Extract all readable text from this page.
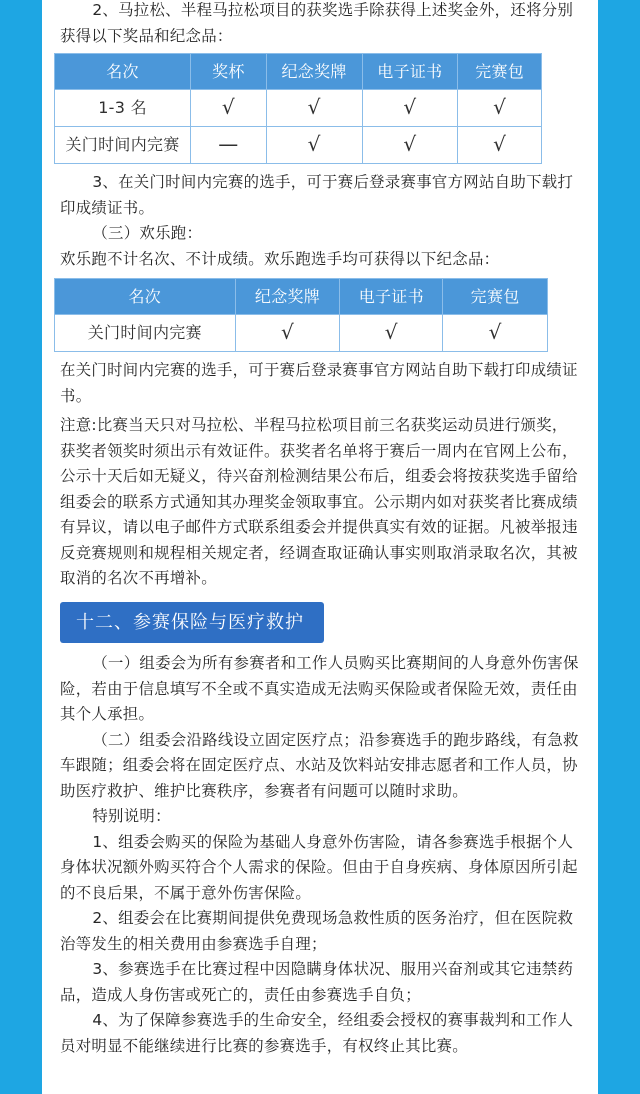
2、马拉松、半程马拉松项目的获奖选手除获得上述奖金外，还将分别获得以下奖品和纪念品：

名次	奖杯	纪念奖牌	电子证书	完赛包
1-3 名	√	√	√	√
关门时间内完赛	—	√	√	√

3、在关门时间内完赛的选手，可于赛后登录赛事官方网站自助下载打印成绩证书。

（三）欢乐跑：

欢乐跑不计名次、不计成绩。欢乐跑选手均可获得以下纪念品：

名次	纪念奖牌	电子证书	完赛包
关门时间内完赛	√	√	√

在关门时间内完赛的选手，可于赛后登录赛事官方网站自助下载打印成绩证书。

注意:比赛当天只对马拉松、半程马拉松项目前三名获奖运动员进行颁奖，获奖者领奖时须出示有效证件。获奖者名单将于赛后一周内在官网上公布，公示十天后如无疑义，待兴奋剂检测结果公布后，组委会将按获奖选手留给组委会的联系方式通知其办理奖金领取事宜。公示期内如对获奖者比赛成绩有异议，请以电子邮件方式联系组委会并提供真实有效的证据。凡被举报违反竞赛规则和规程相关规定者，经调查取证确认事实则取消录取名次，其被取消的名次不再增补。

十二、参赛保险与医疗救护

（一）组委会为所有参赛者和工作人员购买比赛期间的人身意外伤害保险，若由于信息填写不全或不真实造成无法购买保险或者保险无效，责任由其个人承担。

（二）组委会沿路线设立固定医疗点；沿参赛选手的跑步路线，有急救车跟随；组委会将在固定医疗点、水站及饮料站安排志愿者和工作人员，协助医疗救护、维护比赛秩序，参赛者有问题可以随时求助。

特别说明：

1、组委会购买的保险为基础人身意外伤害险，请各参赛选手根据个人身体状况额外购买符合个人需求的保险。但由于自身疾病、身体原因所引起的不良后果，不属于意外伤害保险。

2、组委会在比赛期间提供免费现场急救性质的医务治疗，但在医院救治等发生的相关费用由参赛选手自理；

3、参赛选手在比赛过程中因隐瞒身体状况、服用兴奋剂或其它违禁药品，造成人身伤害或死亡的，责任由参赛选手自负；

4、为了保障参赛选手的生命安全，经组委会授权的赛事裁判和工作人员对明显不能继续进行比赛的参赛选手，有权终止其比赛。
